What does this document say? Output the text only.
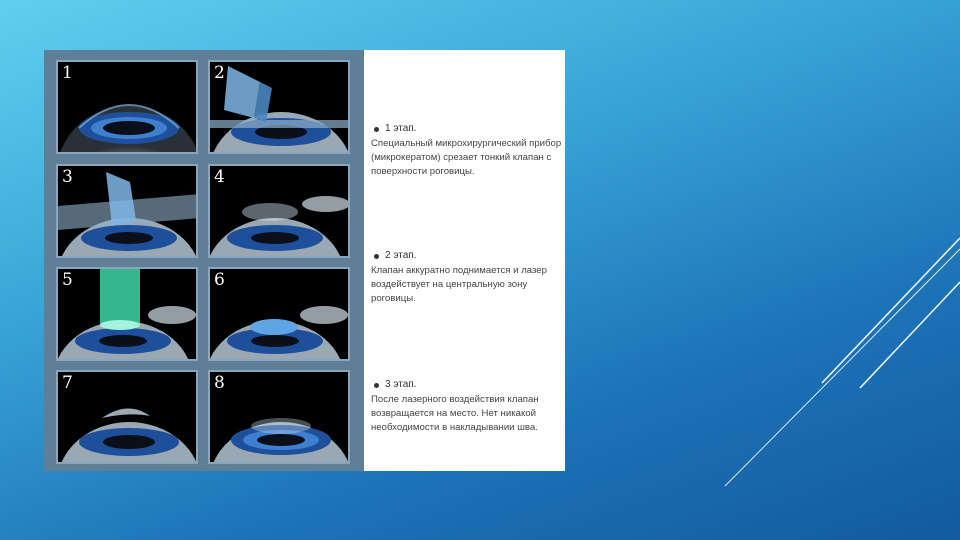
1	2
3	4
5	6
7	8
1 этап.
Специальный микрохирургический прибор (микрокератом) срезает тонкий клапан с поверхности роговицы.
2 этап.
Клапан аккуратно поднимается и лазер воздействует на центральную зону роговицы.
3 этап.
После лазерного воздействия клапан возвращается на место. Нет никакой необходимости в накладывании шва.
